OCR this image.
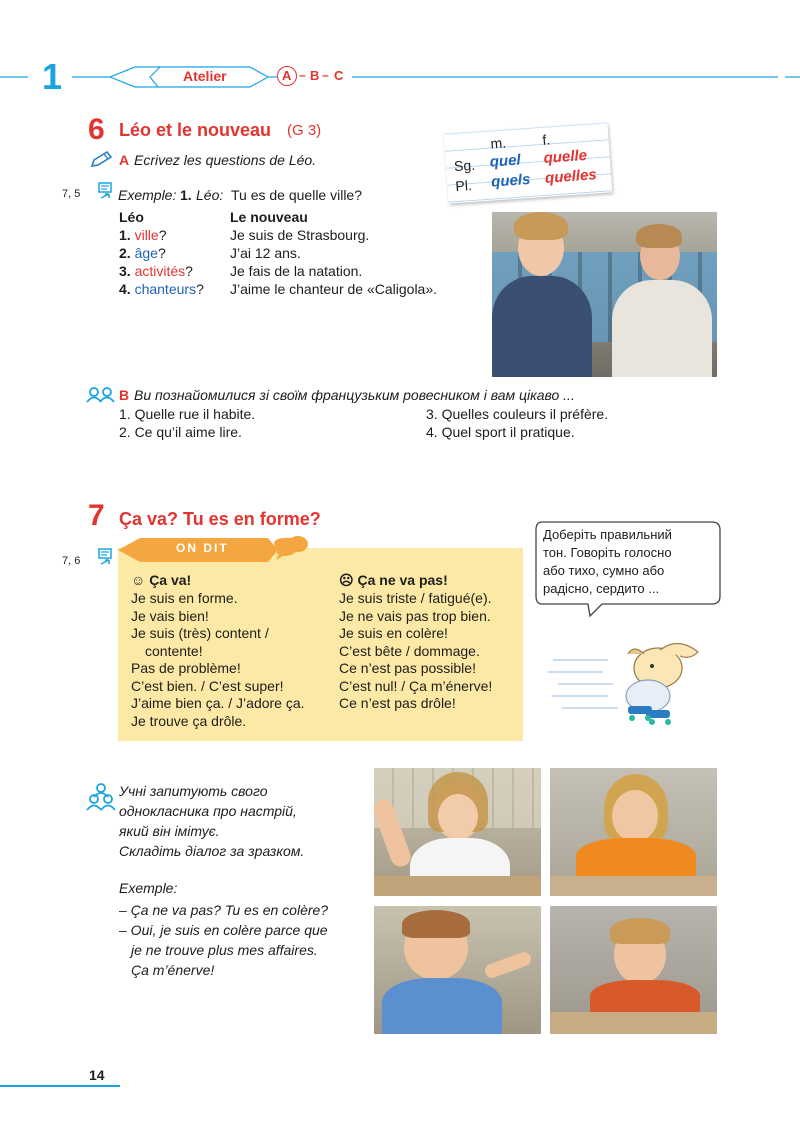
1	Atelier	A – B – C
6 Léo et le nouveau (G 3)
A Ecrivez les questions de Léo.
7, 5	Exemple: 1. Léo: Tu es de quelle ville?
Léo	Le nouveau
1. ville?	Je suis de Strasbourg.
2. âge?	J’ai 12 ans.
3. activités?	Je fais de la natation.
4. chanteurs? J’aime le chanteur de «Caligola».
m.	f.
Sg. quel quelle
Pl. quels quelles
B Ви познайомилися зі своїм французьким ровесником і вам цікаво ...
1. Quelle rue il habite.
2. Ce qu’il aime lire.
3. Quelles couleurs il préfère.
4. Quel sport il pratique.
7 Ça va? Tu es en forme?
7, 6
ON DIT
☺ Ça va!
Je suis en forme.
Je vais bien!
Je suis (très) content /
contente!
Pas de problème!
C’est bien. / C’est super!
J’aime bien ça. / J’adore ça.
Je trouve ça drôle.
☹ Ça ne va pas!
Je suis triste / fatigué(e).
Je ne vais pas trop bien.
Je suis en colère!
C’est bête / dommage.
Ce n’est pas possible!
C’est nul! / Ça m’énerve!
Ce n’est pas drôle!
Доберіть правильний
тон. Говоріть голосно
або тихо, сумно або
радісно, сердито ...
Учні запитують свого
однокласника про настрій,
який він імітує.
Складіть діалог за зразком.
Exemple:
– Ça ne va pas? Tu es en colère?
– Oui, je suis en colère parce que
je ne trouve plus mes affaires.
Ça m’énerve!
14
